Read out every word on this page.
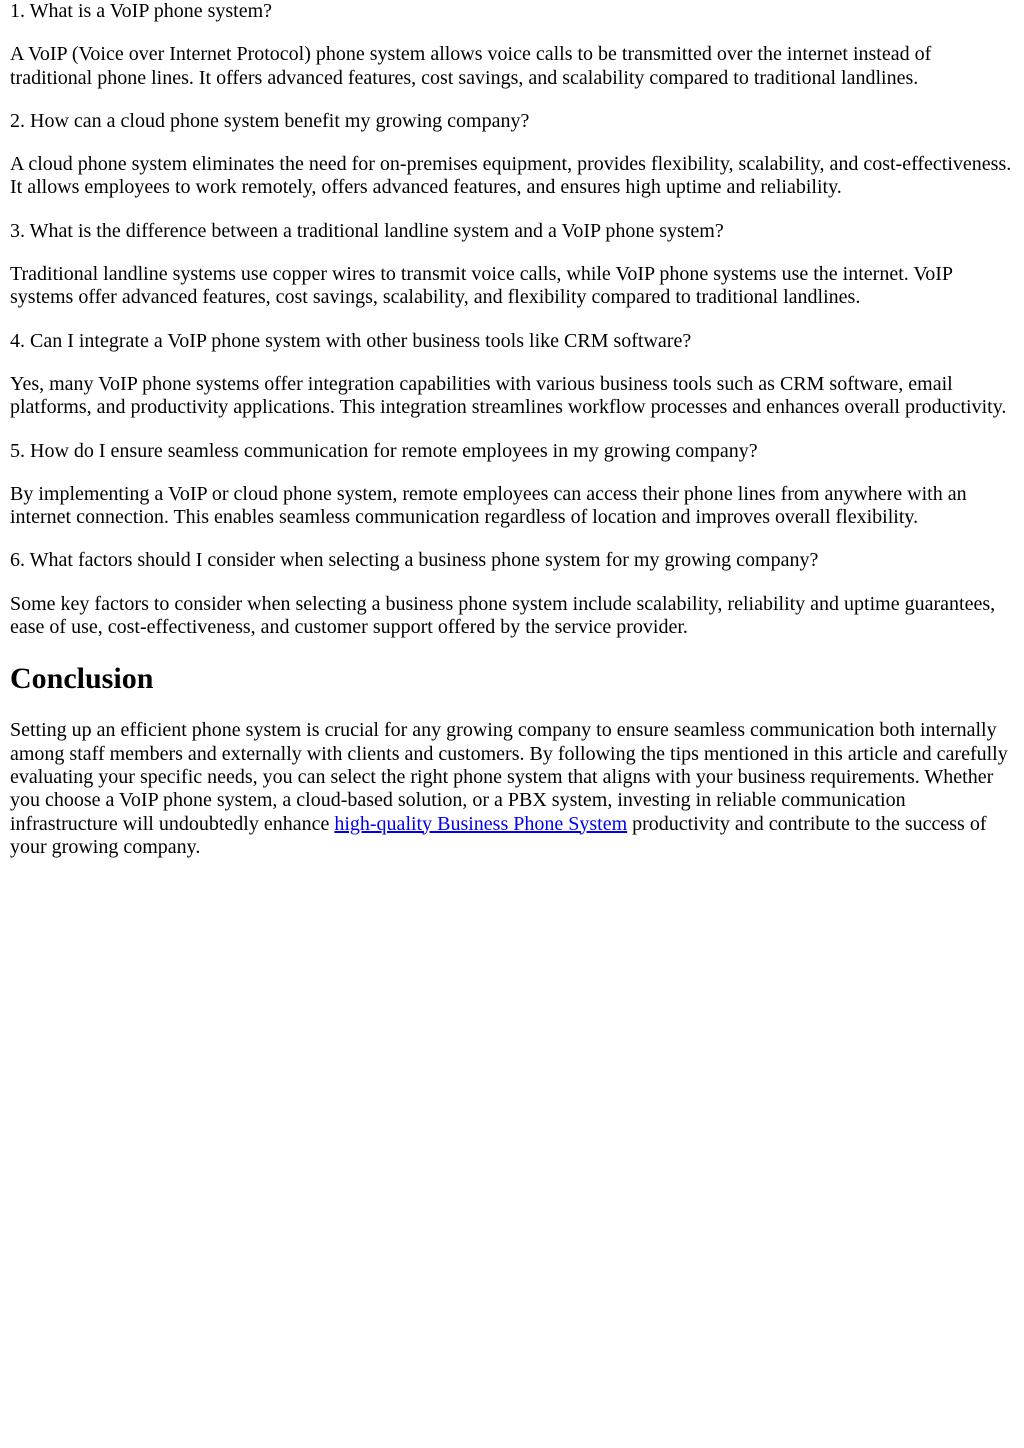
1. What is a VoIP phone system?

A VoIP (Voice over Internet Protocol) phone system allows voice calls to be transmitted over the internet instead of traditional phone lines. It offers advanced features, cost savings, and scalability compared to traditional landlines.

2. How can a cloud phone system benefit my growing company?

A cloud phone system eliminates the need for on-premises equipment, provides flexibility, scalability, and cost-effectiveness. It allows employees to work remotely, offers advanced features, and ensures high uptime and reliability.

3. What is the difference between a traditional landline system and a VoIP phone system?

Traditional landline systems use copper wires to transmit voice calls, while VoIP phone systems use the internet. VoIP systems offer advanced features, cost savings, scalability, and flexibility compared to traditional landlines.

4. Can I integrate a VoIP phone system with other business tools like CRM software?

Yes, many VoIP phone systems offer integration capabilities with various business tools such as CRM software, email platforms, and productivity applications. This integration streamlines workflow processes and enhances overall productivity.

5. How do I ensure seamless communication for remote employees in my growing company?

By implementing a VoIP or cloud phone system, remote employees can access their phone lines from anywhere with an internet connection. This enables seamless communication regardless of location and improves overall flexibility.

6. What factors should I consider when selecting a business phone system for my growing company?

Some key factors to consider when selecting a business phone system include scalability, reliability and uptime guarantees, ease of use, cost-effectiveness, and customer support offered by the service provider.

Conclusion

Setting up an efficient phone system is crucial for any growing company to ensure seamless communication both internally among staff members and externally with clients and customers. By following the tips mentioned in this article and carefully evaluating your specific needs, you can select the right phone system that aligns with your business requirements. Whether you choose a VoIP phone system, a cloud-based solution, or a PBX system, investing in reliable communication infrastructure will undoubtedly enhance high-quality Business Phone System productivity and contribute to the success of your growing company.
